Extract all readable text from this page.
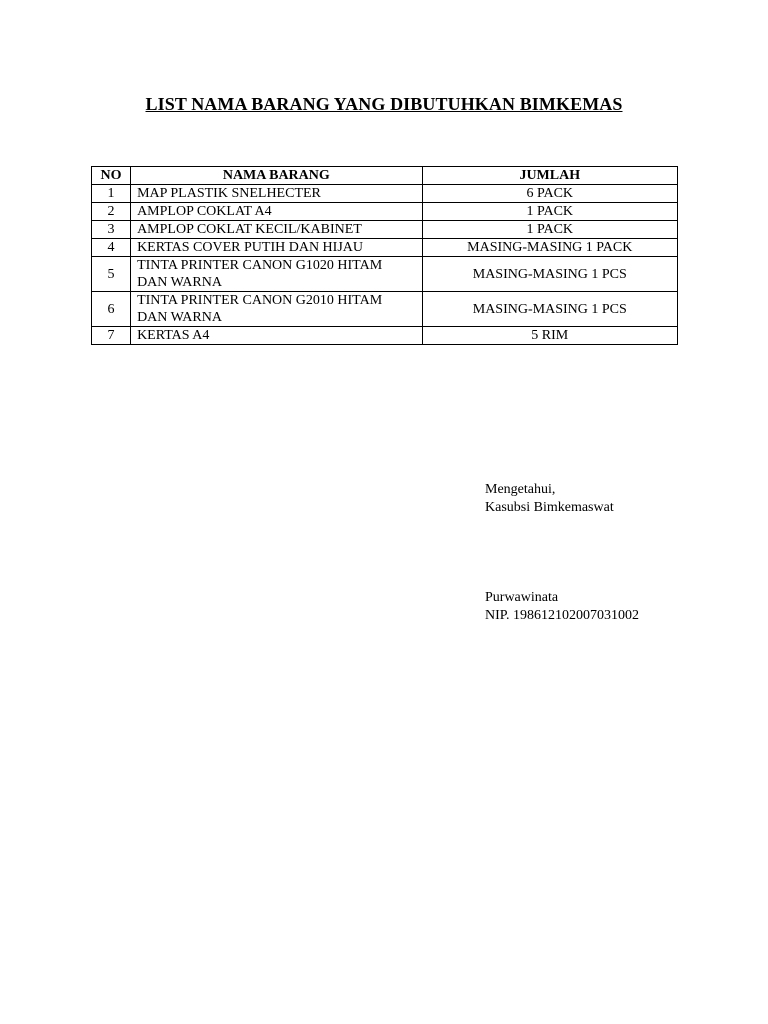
LIST NAMA BARANG YANG DIBUTUHKAN BIMKEMAS
NO	NAMA BARANG	JUMLAH
1	MAP PLASTIK SNELHECTER	6 PACK
2	AMPLOP COKLAT A4	1 PACK
3	AMPLOP COKLAT KECIL/KABINET	1 PACK
4	KERTAS COVER PUTIH DAN HIJAU	MASING-MASING 1 PACK
5	TINTA PRINTER CANON G1020 HITAM DAN WARNA	MASING-MASING 1 PCS
6	TINTA PRINTER CANON G2010 HITAM DAN WARNA	MASING-MASING 1 PCS
7	KERTAS A4	5 RIM
Mengetahui,
Kasubsi Bimkemaswat
Purwawinata
NIP. 198612102007031002
